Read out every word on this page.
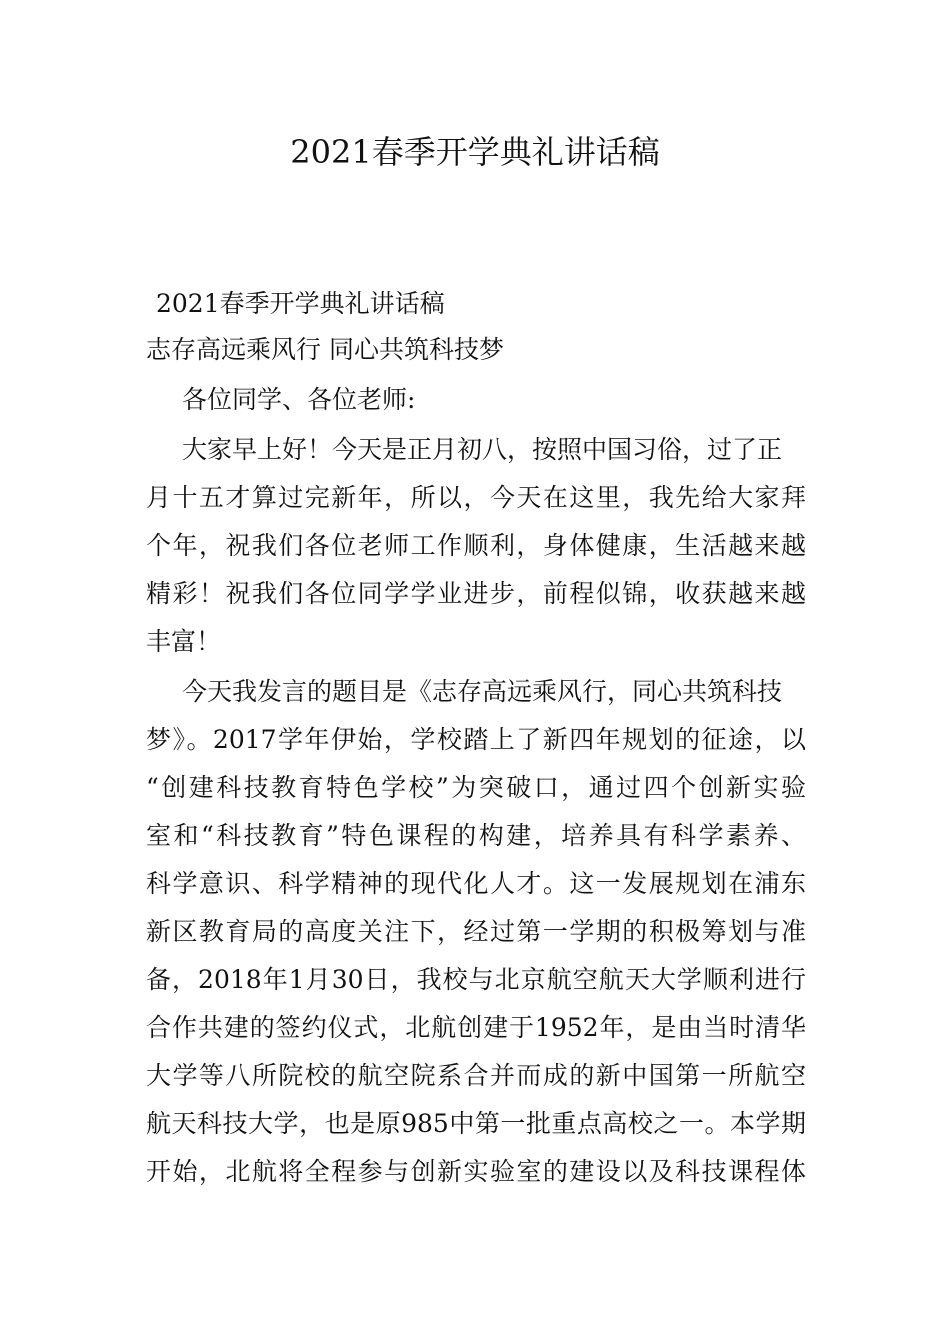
2021春季开学典礼讲话稿
2021春季开学典礼讲话稿
志存高远乘风行 同心共筑科技梦
各位同学、各位老师:
大家早上好！今天是正月初八，按照中国习俗，过了正
月十五才算过完新年，所以，今天在这里，我先给大家拜
个年，祝我们各位老师工作顺利，身体健康，生活越来越
精彩！祝我们各位同学学业进步，前程似锦，收获越来越
丰富！
今天我发言的题目是《志存高远乘风行，同心共筑科技
梦》。2017学年伊始，学校踏上了新四年规划的征途，以
“创建科技教育特色学校”为突破口，通过四个创新实验
室和“科技教育”特色课程的构建，培养具有科学素养、
科学意识、科学精神的现代化人才。这一发展规划在浦东
新区教育局的高度关注下，经过第一学期的积极筹划与准
备，2018年1月30日，我校与北京航空航天大学顺利进行
合作共建的签约仪式，北航创建于1952年，是由当时清华
大学等八所院校的航空院系合并而成的新中国第一所航空
航天科技大学，也是原985中第一批重点高校之一。本学期
开始，北航将全程参与创新实验室的建设以及科技课程体
